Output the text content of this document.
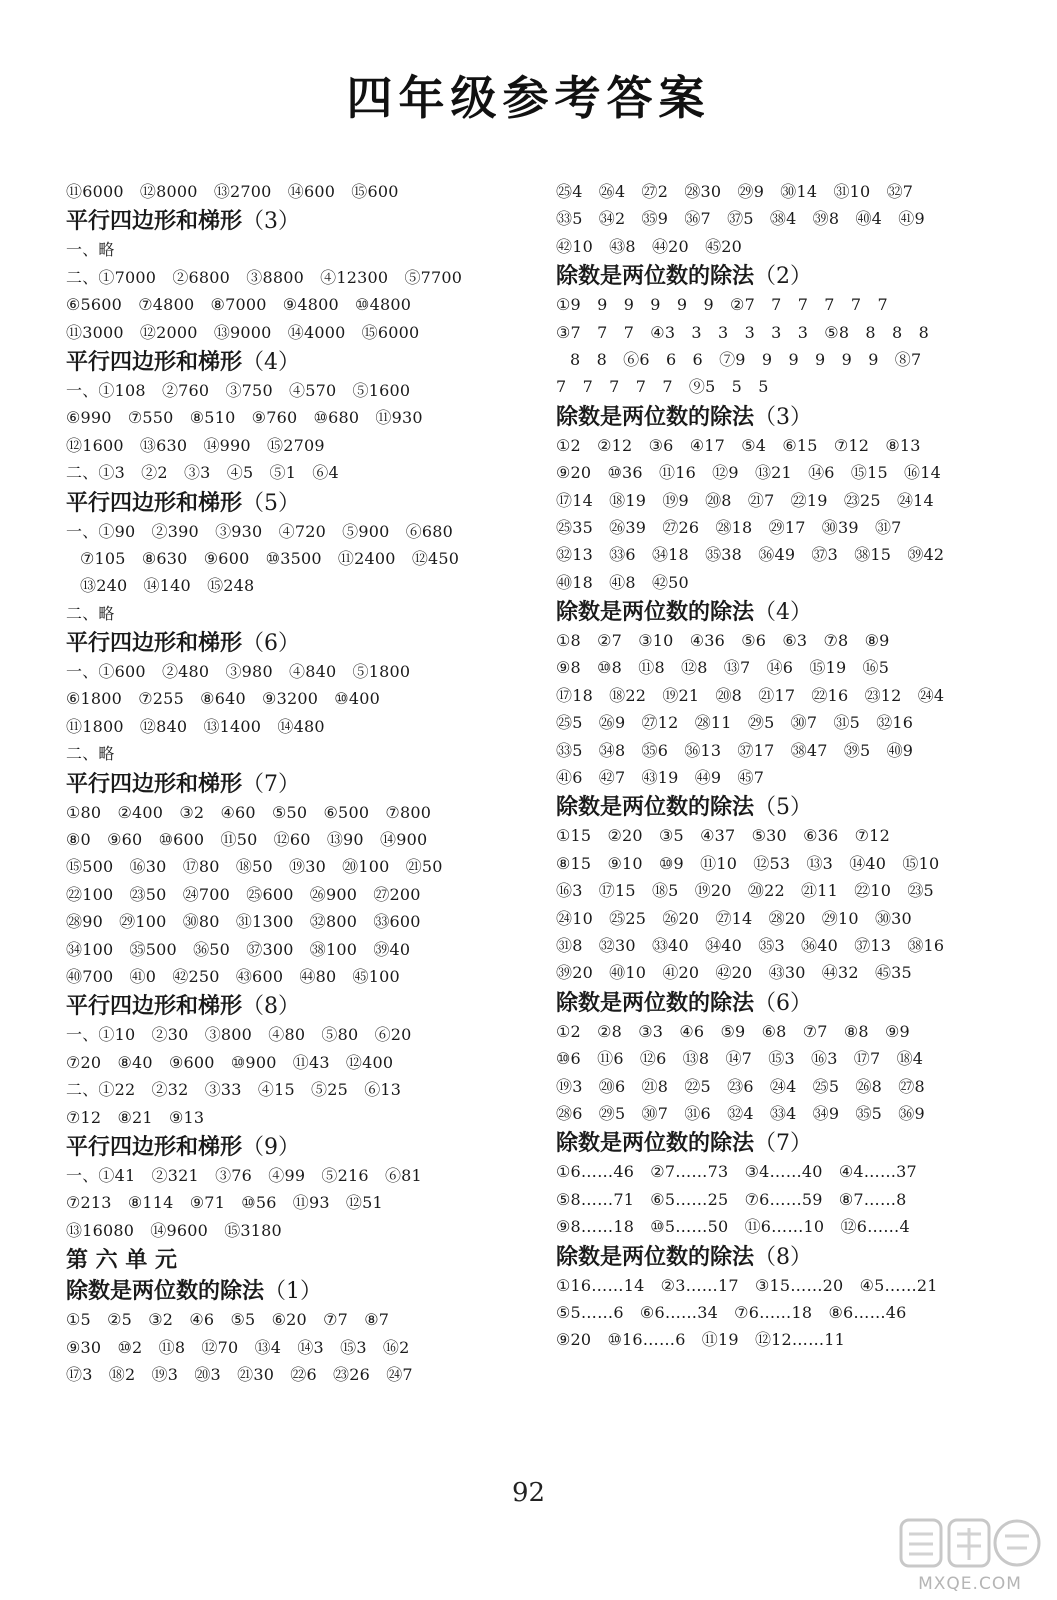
四年级参考答案
⑪6000　⑫8000　⑬2700　⑭600　⑮600
平行四边形和梯形（3）
一、略
二、①7000　②6800　③8800　④12300　⑤7700
⑥5600　⑦4800　⑧7000　⑨4800　⑩4800
⑪3000　⑫2000　⑬9000　⑭4000　⑮6000
平行四边形和梯形（4）
一、①108　②760　③750　④570　⑤1600
⑥990　⑦550　⑧510　⑨760　⑩680　⑪930
⑫1600　⑬630　⑭990　⑮2709
二、①3　②2　③3　④5　⑤1　⑥4
平行四边形和梯形（5）
一、①90　②390　③930　④720　⑤900　⑥680
⑦105　⑧630　⑨600　⑩3500　⑪2400　⑫450
⑬240　⑭140　⑮248
二、略
平行四边形和梯形（6）
一、①600　②480　③980　④840　⑤1800
⑥1800　⑦255　⑧640　⑨3200　⑩400
⑪1800　⑫840　⑬1400　⑭480
二、略
平行四边形和梯形（7）
①80　②400　③2　④60　⑤50　⑥500　⑦800
⑧0　⑨60　⑩600　⑪50　⑫60　⑬90　⑭900
⑮500　⑯30　⑰80　⑱50　⑲30　⑳100　㉑50
㉒100　㉓50　㉔700　㉕600　㉖900　㉗200
㉘90　㉙100　㉚80　㉛1300　㉜800　㉝600
㉞100　㉟500　㊱50　㊲300　㊳100　㊴40
㊵700　㊶0　㊷250　㊸600　㊹80　㊺100
平行四边形和梯形（8）
一、①10　②30　③800　④80　⑤80　⑥20
⑦20　⑧40　⑨600　⑩900　⑪43　⑫400
二、①22　②32　③33　④15　⑤25　⑥13
⑦12　⑧21　⑨13
平行四边形和梯形（9）
一、①41　②321　③76　④99　⑤216　⑥81
⑦213　⑧114　⑨71　⑩56　⑪93　⑫51
⑬16080　⑭9600　⑮3180
第 六 单 元
除数是两位数的除法（1）
①5　②5　③2　④6　⑤5　⑥20　⑦7　⑧7
⑨30　⑩2　⑪8　⑫70　⑬4　⑭3　⑮3　⑯2
⑰3　⑱2　⑲3　⑳3　㉑30　㉒6　㉓26　㉔7
㉕4　㉖4　㉗2　㉘30　㉙9　㉚14　㉛10　㉜7
㉝5　㉞2　㉟9　㊱7　㊲5　㊳4　㊴8　㊵4　㊶9
㊷10　㊸8　㊹20　㊺20
除数是两位数的除法（2）
①9　9　9　9　9　9　②7　7　7　7　7　7
③7　7　7　④3　3　3　3　3　3　⑤8　8　8　8
8　8　⑥6　6　6　⑦9　9　9　9　9　9　⑧7
7　7　7　7　7　⑨5　5　5
除数是两位数的除法（3）
①2　②12　③6　④17　⑤4　⑥15　⑦12　⑧13
⑨20　⑩36　⑪16　⑫9　⑬21　⑭6　⑮15　⑯14
⑰14　⑱19　⑲9　⑳8　㉑7　㉒19　㉓25　㉔14
㉕35　㉖39　㉗26　㉘18　㉙17　㉚39　㉛7
㉜13　㉝6　㉞18　㉟38　㊱49　㊲3　㊳15　㊴42
㊵18　㊶8　㊷50
除数是两位数的除法（4）
①8　②7　③10　④36　⑤6　⑥3　⑦8　⑧9
⑨8　⑩8　⑪8　⑫8　⑬7　⑭6　⑮19　⑯5
⑰18　⑱22　⑲21　⑳8　㉑17　㉒16　㉓12　㉔4
㉕5　㉖9　㉗12　㉘11　㉙5　㉚7　㉛5　㉜16
㉝5　㉞8　㉟6　㊱13　㊲17　㊳47　㊴5　㊵9
㊶6　㊷7　㊸19　㊹9　㊺7
除数是两位数的除法（5）
①15　②20　③5　④37　⑤30　⑥36　⑦12
⑧15　⑨10　⑩9　⑪10　⑫53　⑬3　⑭40　⑮10
⑯3　⑰15　⑱5　⑲20　⑳22　㉑11　㉒10　㉓5
㉔10　㉕25　㉖20　㉗14　㉘20　㉙10　㉚30
㉛8　㉜30　㉝40　㉞40　㉟3　㊱40　㊲13　㊳16
㊴20　㊵10　㊶20　㊷20　㊸30　㊹32　㊺35
除数是两位数的除法（6）
①2　②8　③3　④6　⑤9　⑥8　⑦7　⑧8　⑨9
⑩6　⑪6　⑫6　⑬8　⑭7　⑮3　⑯3　⑰7　⑱4
⑲3　⑳6　㉑8　㉒5　㉓6　㉔4　㉕5　㉖8　㉗8
㉘6　㉙5　㉚7　㉛6　㉜4　㉝4　㉞9　㉟5　㊱9
除数是两位数的除法（7）
①6……46　②7……73　③4……40　④4……37
⑤8……71　⑥5……25　⑦6……59　⑧7……8
⑨8……18　⑩5……50　⑪6……10　⑫6……4
除数是两位数的除法（8）
①16……14　②3……17　③15……20　④5……21
⑤5……6　⑥6……34　⑦6……18　⑧6……46
⑨20　⑩16……6　⑪19　⑫12……11
92
MXQE.COM
